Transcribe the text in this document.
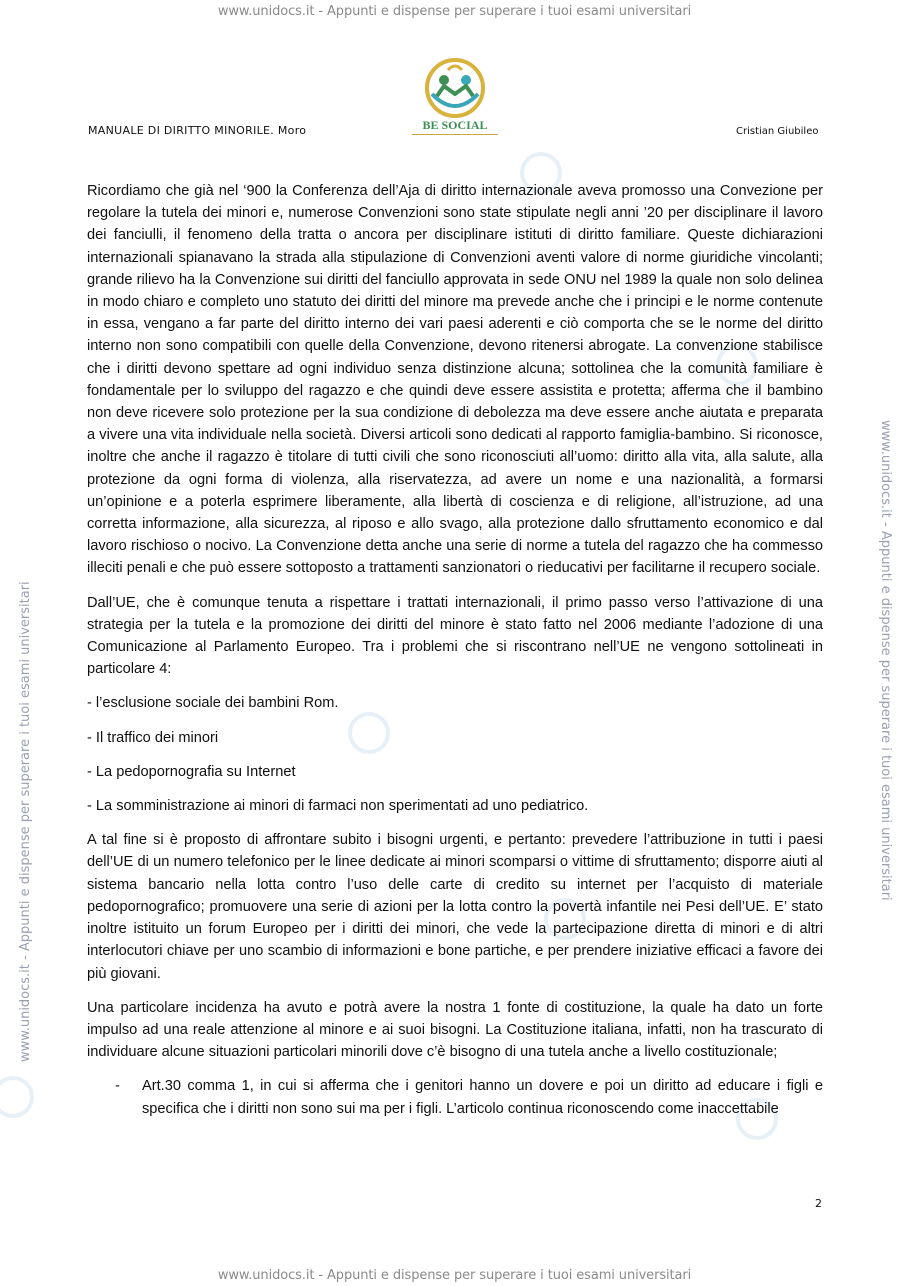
www.unidocs.it - Appunti e dispense per superare i tuoi esami universitari
www.unidocs.it - Appunti e dispense per superare i tuoi esami universitari
www.unidocs.it - Appunti e dispense per superare i tuoi esami universitari	www.unidocs.it - Appunti e dispense per superare i tuoi esami universitari
MANUALE DI DIRITTO MINORILE. Moro	Cristian Giubileo
BE SOCIAL

Ricordiamo che già nel ‘900 la Conferenza dell’Aja di diritto internazionale aveva promosso una Convezione per regolare la tutela dei minori e, numerose Convenzioni sono state stipulate negli anni ’20 per disciplinare il lavoro dei fanciulli, il fenomeno della tratta o ancora per disciplinare istituti di diritto familiare. Queste dichiarazioni internazionali spianavano la strada alla stipulazione di Convenzioni aventi valore di norme giuridiche vincolanti; grande rilievo ha la Convenzione sui diritti del fanciullo approvata in sede ONU nel 1989 la quale non solo delinea in modo chiaro e completo uno statuto dei diritti del minore ma prevede anche che i principi e le norme contenute in essa, vengano a far parte del diritto interno dei vari paesi aderenti e ciò comporta che se le norme del diritto interno non sono compatibili con quelle della Convenzione, devono ritenersi abrogate. La convenzione stabilisce che i diritti devono spettare ad ogni individuo senza distinzione alcuna; sottolinea che la comunità familiare è fondamentale per lo sviluppo del ragazzo e che quindi deve essere assistita e protetta; afferma che il bambino non deve ricevere solo protezione per la sua condizione di debolezza ma deve essere anche aiutata e preparata a vivere una vita individuale nella società. Diversi articoli sono dedicati al rapporto famiglia-bambino. Si riconosce, inoltre che anche il ragazzo è titolare di tutti civili che sono riconosciuti all’uomo: diritto alla vita, alla salute, alla protezione da ogni forma di violenza, alla riservatezza, ad avere un nome e una nazionalità, a formarsi un’opinione e a poterla esprimere liberamente, alla libertà di coscienza e di religione, all’istruzione, ad una corretta informazione, alla sicurezza, al riposo e allo svago, alla protezione dallo sfruttamento economico e dal lavoro rischioso o nocivo. La Convenzione detta anche una serie di norme a tutela del ragazzo che ha commesso illeciti penali e che può essere sottoposto a trattamenti sanzionatori o rieducativi per facilitarne il recupero sociale.

Dall’UE, che è comunque tenuta a rispettare i trattati internazionali, il primo passo verso l’attivazione di una strategia per la tutela e la promozione dei diritti del minore è stato fatto nel 2006 mediante l’adozione di una Comunicazione al Parlamento Europeo. Tra i problemi che si riscontrano nell’UE ne vengono sottolineati in particolare 4:

- l’esclusione sociale dei bambini Rom.

- Il traffico dei minori

- La pedopornografia su Internet

- La somministrazione ai minori di farmaci non sperimentati ad uno pediatrico.

A tal fine si è proposto di affrontare subito i bisogni urgenti, e pertanto: prevedere l’attribuzione in tutti i paesi dell’UE di un numero telefonico per le linee dedicate ai minori scomparsi o vittime di sfruttamento; disporre aiuti al sistema bancario nella lotta contro l’uso delle carte di credito su internet per l’acquisto di materiale pedopornografico; promuovere una serie di azioni per la lotta contro la povertà infantile nei Pesi dell’UE. E’ stato inoltre istituito un forum Europeo per i diritti dei minori, che vede la partecipazione diretta di minori e di altri interlocutori chiave per uno scambio di informazioni e bone partiche, e per prendere iniziative efficaci a favore dei più giovani.

Una particolare incidenza ha avuto e potrà avere la nostra 1 fonte di costituzione, la quale ha dato un forte impulso ad una reale attenzione al minore e ai suoi bisogni. La Costituzione italiana, infatti, non ha trascurato di individuare alcune situazioni particolari minorili dove c’è bisogno di una tutela anche a livello costituzionale;

-	Art.30 comma 1, in cui si afferma che i genitori hanno un dovere e poi un diritto ad educare i figli e specifica che i diritti non sono sui ma per i figli. L’articolo continua riconoscendo come inaccettabile
2
